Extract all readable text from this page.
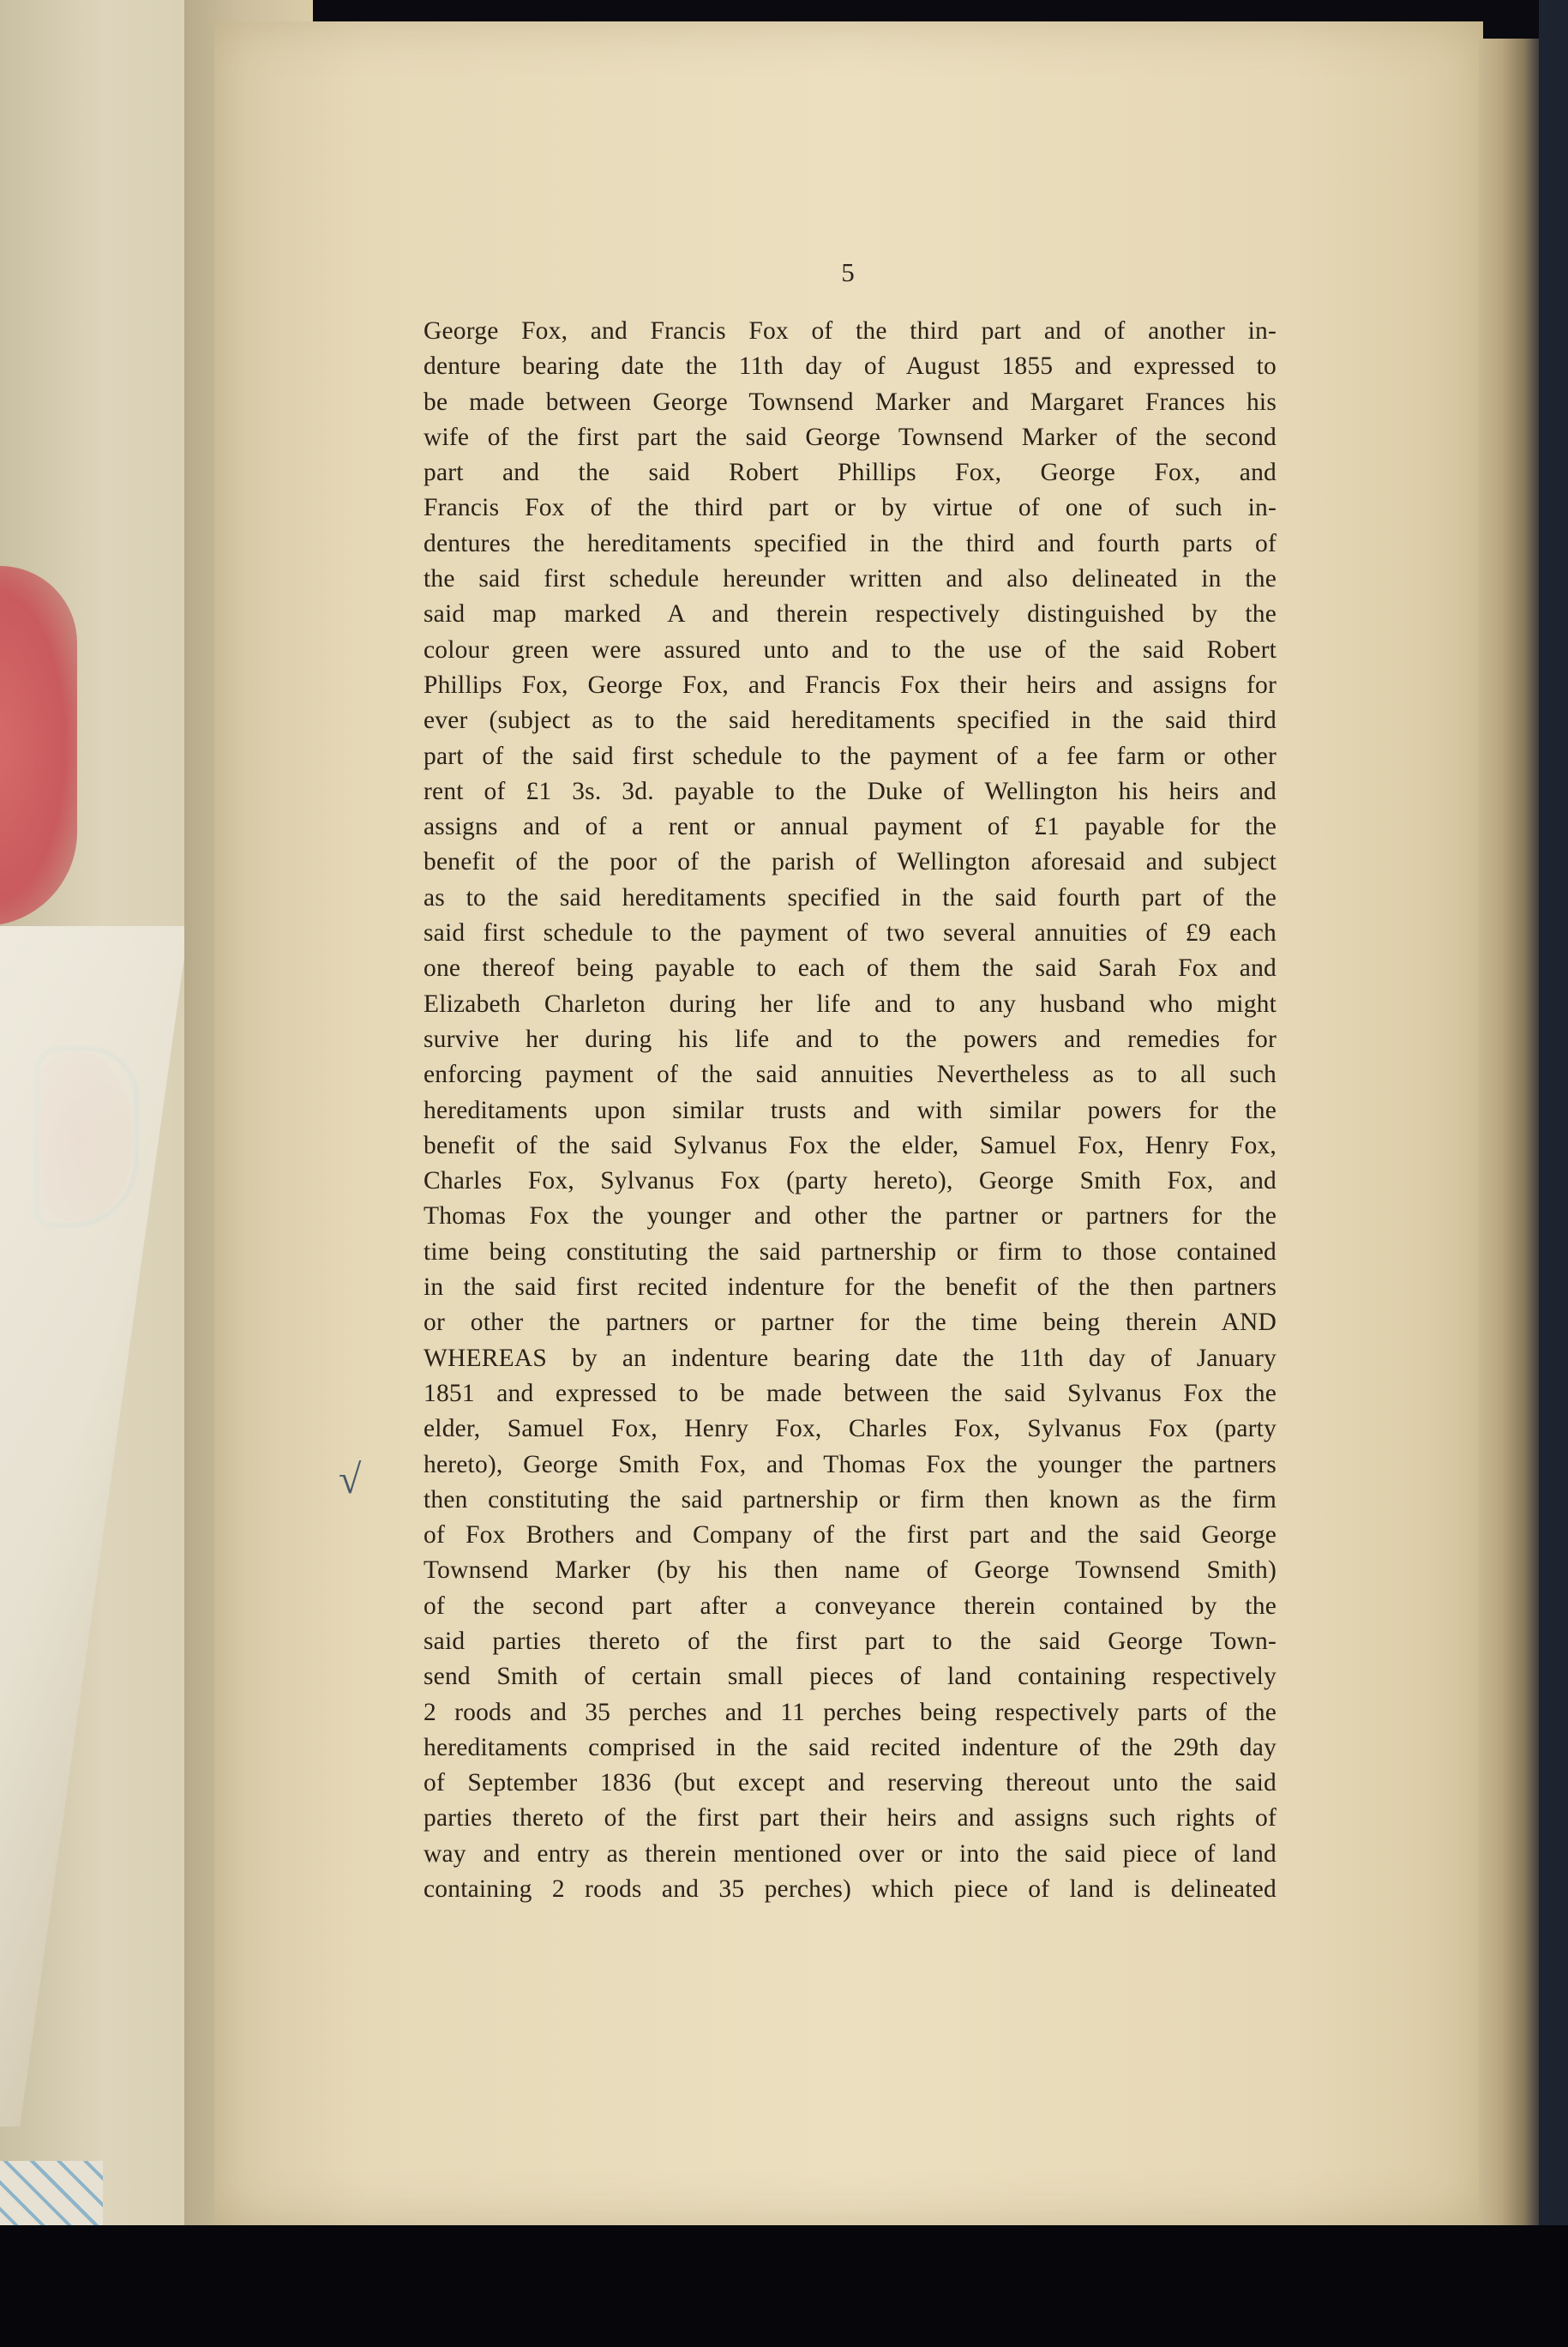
√
5
George Fox, and Francis Fox of the third part and of another in-
denture bearing date the 11th day of August 1855 and expressed to
be made between George Townsend Marker and Margaret Frances his
wife of the first part the said George Townsend Marker of the second
part and the said Robert Phillips Fox, George Fox, and
Francis Fox of the third part or by virtue of one of such in-
dentures the hereditaments specified in the third and fourth parts of
the said first schedule hereunder written and also delineated in the
said map marked A and therein respectively distinguished by the
colour green were assured unto and to the use of the said Robert
Phillips Fox, George Fox, and Francis Fox their heirs and assigns for
ever (subject as to the said hereditaments specified in the said third
part of the said first schedule to the payment of a fee farm or other
rent of £1 3s. 3d. payable to the Duke of Wellington his heirs and
assigns and of a rent or annual payment of £1 payable for the
benefit of the poor of the parish of Wellington aforesaid and subject
as to the said hereditaments specified in the said fourth part of the
said first schedule to the payment of two several annuities of £9 each
one thereof being payable to each of them the said Sarah Fox and
Elizabeth Charleton during her life and to any husband who might
survive her during his life and to the powers and remedies for
enforcing payment of the said annuities Nevertheless as to all such
hereditaments upon similar trusts and with similar powers for the
benefit of the said Sylvanus Fox the elder, Samuel Fox, Henry Fox,
Charles Fox, Sylvanus Fox (party hereto), George Smith Fox, and
Thomas Fox the younger and other the partner or partners for the
time being constituting the said partnership or firm to those contained
in the said first recited indenture for the benefit of the then partners
or other the partners or partner for the time being therein AND
WHEREAS by an indenture bearing date the 11th day of January
1851 and expressed to be made between the said Sylvanus Fox the
elder, Samuel Fox, Henry Fox, Charles Fox, Sylvanus Fox (party
hereto), George Smith Fox, and Thomas Fox the younger the partners
then constituting the said partnership or firm then known as the firm
of Fox Brothers and Company of the first part and the said George
Townsend Marker (by his then name of George Townsend Smith)
of the second part after a conveyance therein contained by the
said parties thereto of the first part to the said George Town-
send Smith of certain small pieces of land containing respectively
2 roods and 35 perches and 11 perches being respectively parts of the
hereditaments comprised in the said recited indenture of the 29th day
of September 1836 (but except and reserving thereout unto the said
parties thereto of the first part their heirs and assigns such rights of
way and entry as therein mentioned over or into the said piece of land
containing 2 roods and 35 perches) which piece of land is delineated
